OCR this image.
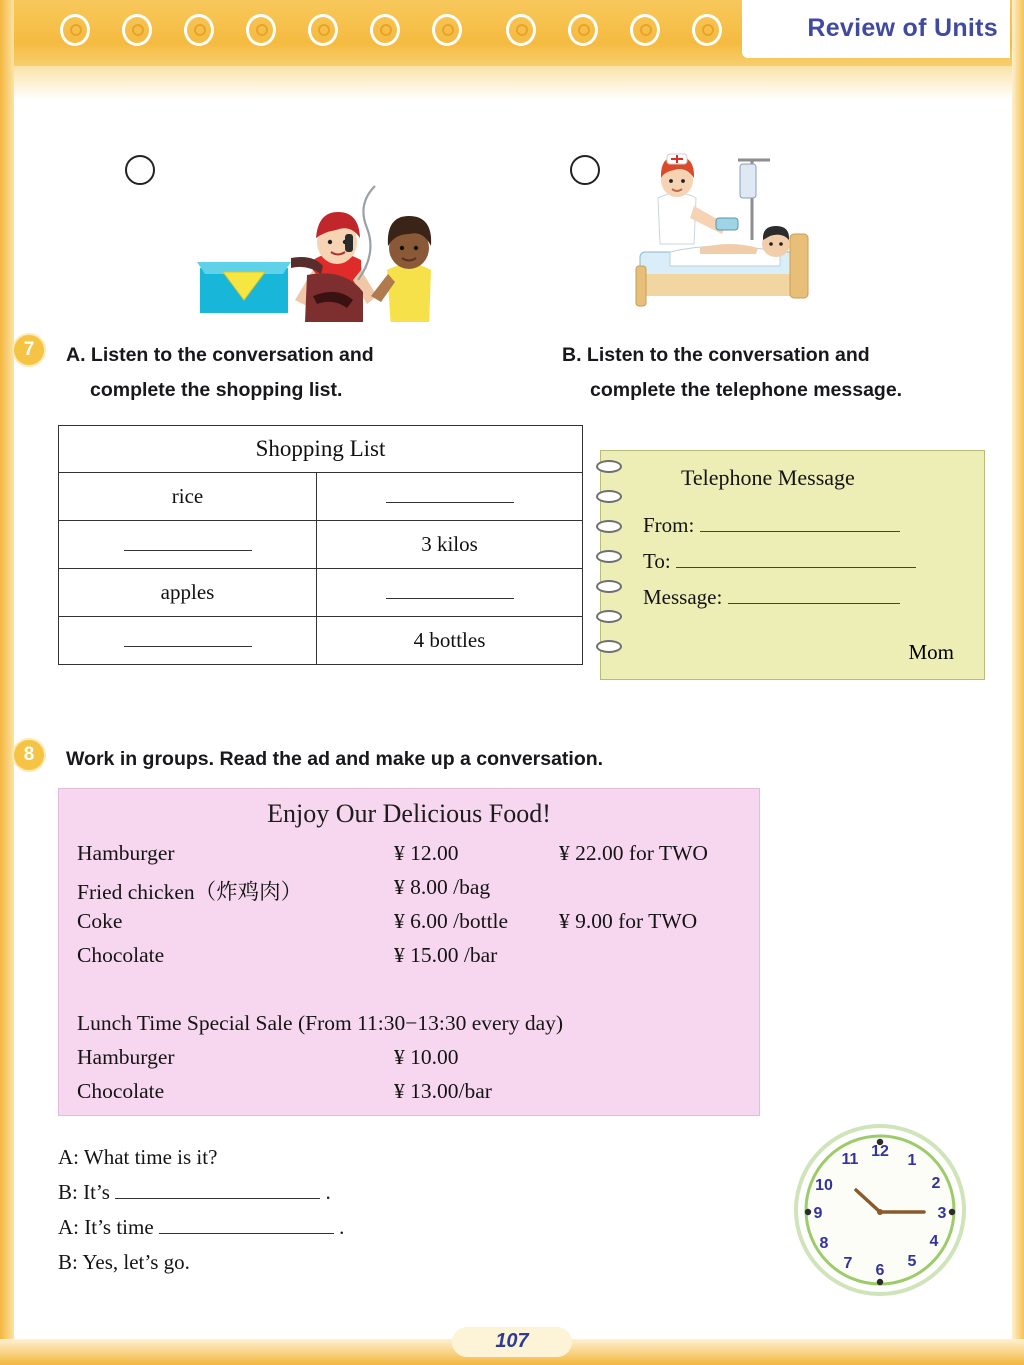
Review of Units
7	A. Listen to the conversation and
complete the shopping list.
B. Listen to the conversation and
complete the telephone message.
Shopping List	
rice	
	3 kilos
apples	
	4 bottles
Telephone Message
From:
To:
Message:
Mom
8	Work in groups. Read the ad and make up a conversation.
Enjoy Our Delicious Food!
Hamburger	¥ 12.00	¥ 22.00 for TWO
Fried chicken（炸鸡肉）	¥ 8.00 /bag
Coke	¥ 6.00 /bottle ¥ 9.00 for TWO
Chocolate	¥ 15.00 /bar
Lunch Time Special Sale (From 11:30−13:30 every day)
Hamburger	¥ 10.00
Chocolate	¥ 13.00/bar
A: What time is it?
B: It’s	.
A: It’s time	.
B: Yes, let’s go.
12
1
2
3
4
5
6
7
8
9
10
11
107
